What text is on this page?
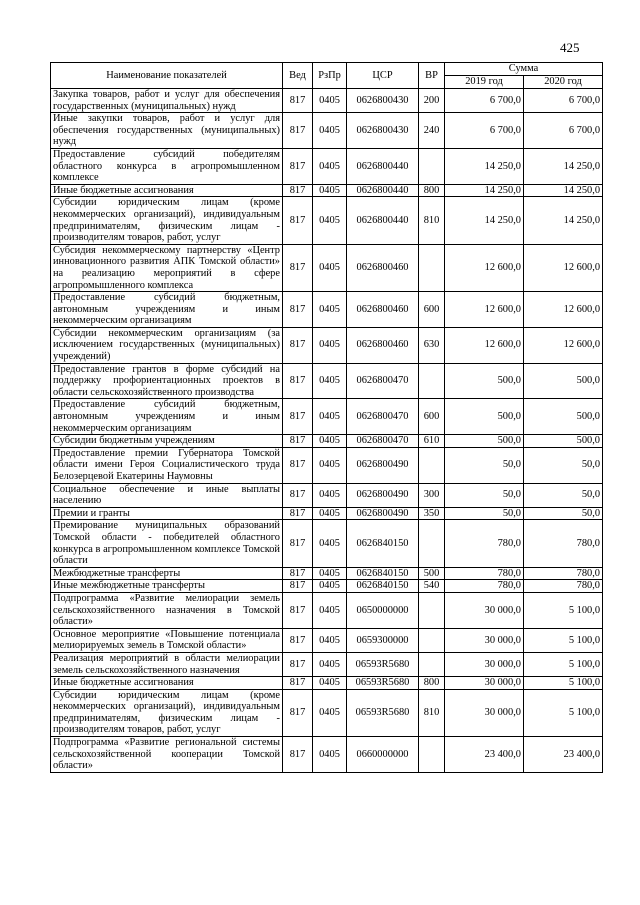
425
Наименование показателей	Вед	РзПр	ЦСР	ВР	Сумма	
					2019 год	2020 год
Закупка товаров, работ и услуг для обеспечения государственных (муниципальных) нужд	817	0405	0626800430	200	6 700,0	6 700,0
Иные закупки товаров, работ и услуг для обеспечения государственных (муниципальных) нужд	817	0405	0626800430	240	6 700,0	6 700,0
Предоставление субсидий победителям областного конкурса в агропромышленном комплексе	817	0405	0626800440		14 250,0	14 250,0
Иные бюджетные ассигнования	817	0405	0626800440	800	14 250,0	14 250,0
Субсидии юридическим лицам (кроме некоммерческих организаций), индивидуальным предпринимателям, физическим лицам - производителям товаров, работ, услуг	817	0405	0626800440	810	14 250,0	14 250,0
Субсидия некоммерческому партнерству «Центр инновационного развития АПК Томской области» на реализацию мероприятий в сфере агропромышленного комплекса	817	0405	0626800460		12 600,0	12 600,0
Предоставление субсидий бюджетным, автономным учреждениям и иным некоммерческим организациям	817	0405	0626800460	600	12 600,0	12 600,0
Субсидии некоммерческим организациям (за исключением государственных (муниципальных) учреждений)	817	0405	0626800460	630	12 600,0	12 600,0
Предоставление грантов в форме субсидий на поддержку профориентационных проектов в области сельскохозяйственного производства	817	0405	0626800470		500,0	500,0
Предоставление субсидий бюджетным, автономным учреждениям и иным некоммерческим организациям	817	0405	0626800470	600	500,0	500,0
Субсидии бюджетным учреждениям	817	0405	0626800470	610	500,0	500,0
Предоставление премии Губернатора Томской области имени Героя Социалистического труда Белозерцевой Екатерины Наумовны	817	0405	0626800490		50,0	50,0
Социальное обеспечение и иные выплаты населению	817	0405	0626800490	300	50,0	50,0
Премии и гранты	817	0405	0626800490	350	50,0	50,0
Премирование муниципальных образований Томской области - победителей областного конкурса в агропромышленном комплексе Томской области	817	0405	0626840150		780,0	780,0
Межбюджетные трансферты	817	0405	0626840150	500	780,0	780,0
Иные межбюджетные трансферты	817	0405	0626840150	540	780,0	780,0
Подпрограмма «Развитие мелиорации земель сельскохозяйственного назначения в Томской области»	817	0405	0650000000		30 000,0	5 100,0
Основное мероприятие «Повышение потенциала мелиорируемых земель в Томской области»	817	0405	0659300000		30 000,0	5 100,0
Реализация мероприятий в области мелиорации земель сельскохозяйственного назначения	817	0405	06593R5680		30 000,0	5 100,0
Иные бюджетные ассигнования	817	0405	06593R5680	800	30 000,0	5 100,0
Субсидии юридическим лицам (кроме некоммерческих организаций), индивидуальным предпринимателям, физическим лицам - производителям товаров, работ, услуг	817	0405	06593R5680	810	30 000,0	5 100,0
Подпрограмма «Развитие региональной системы сельскохозяйственной кооперации Томской области»	817	0405	0660000000		23 400,0	23 400,0
